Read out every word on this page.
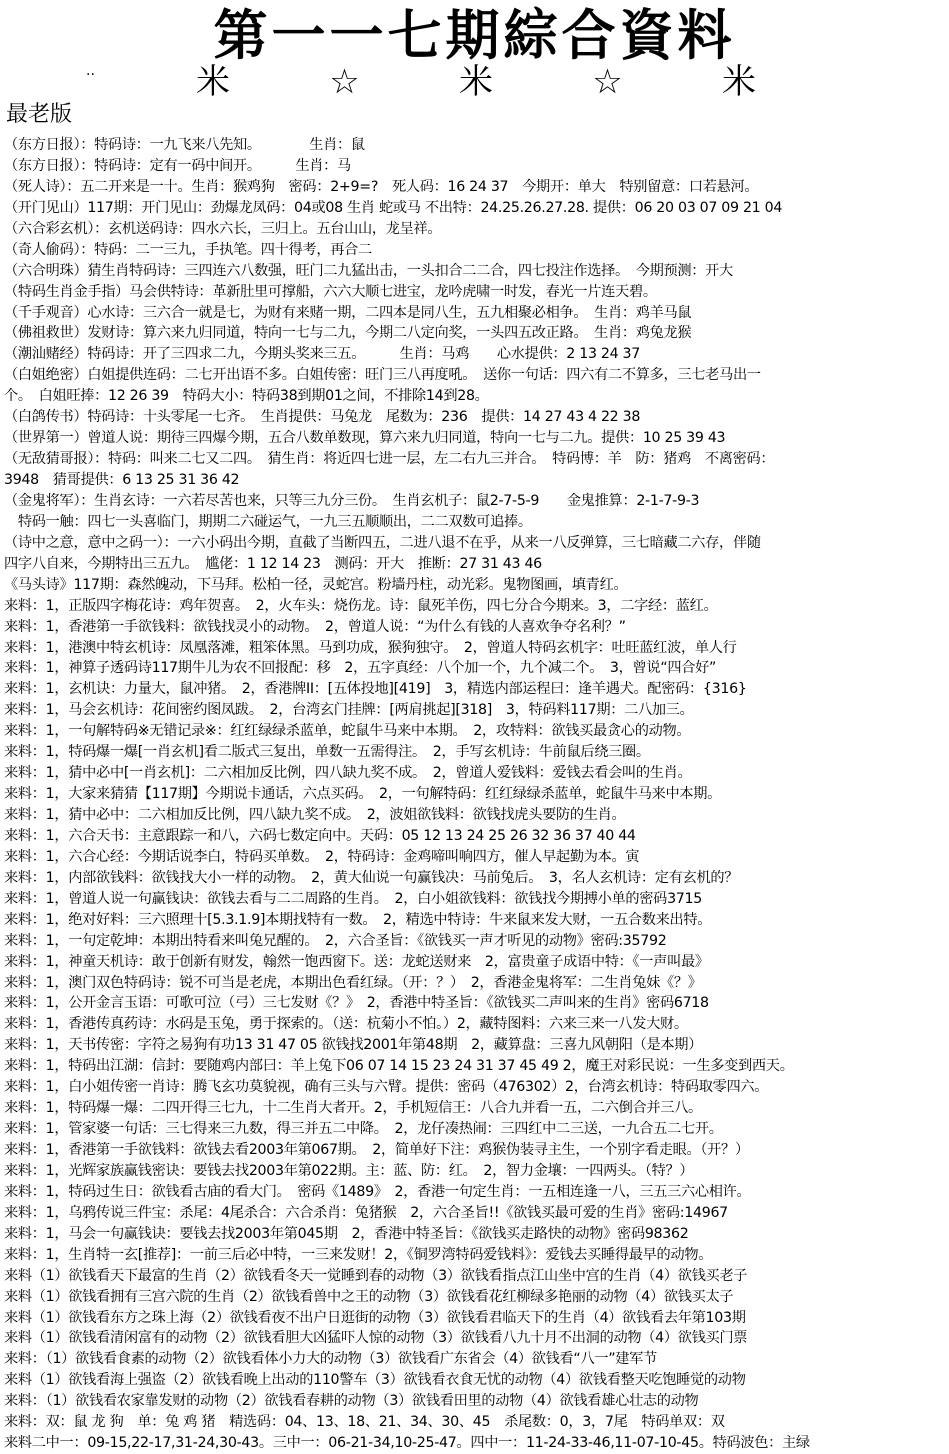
第一一七期綜合資料
..	米	☆	米	☆	米
最老版
（东方日报）：特码诗：一九飞来八先知。　　　　生肖：鼠
（东方日报）：特码诗：定有一码中间开。　　　生肖：马
（死人诗）：五二开来是一十。生肖：猴鸡狗　密码：2+9=?　死人码：16 24 37　今期开：单大　特别留意：口若悬河。
（开门见山）117期：开门见山：劲爆龙凤码：04或08 生肖 蛇或马 不出特：24.25.26.27.28. 提供：06 20 03 07 09 21 04
（六合彩玄机）：玄机送码诗：四水六长，三归上。五台山山，龙呈祥。
（奇人偷码）：特码：二一三九，手执笔。四十得考，再合二
（六合明珠）猜生肖特码诗：三四连六八数强，旺门二九猛出击，一头扣合二二合，四七投注作选择。　今期预测：开大
（特码生肖金手指）马会供特诗：革新肚里可撑船，六六大顺七进宝，龙吟虎啸一时发，春光一片连天碧。
（千手观音）心水诗：三六合一就是七，为财有来赌一期，二四本是同八生，五九相聚必相争。　生肖：鸡羊马鼠
（佛祖救世）发财诗：算六来九归同道，特向一七与二九，今期二八定向奖，一头四五改正路。　生肖：鸡兔龙猴
（潮汕赌经）特码诗：开了三四求二九，今期头奖来三五。　　　生肖：马鸡　　心水提供：2 13 24 37
（白姐绝密）白姐提供连码：二七开出语不多。白姐传密：旺门三八再度吼。　送你一句话：四六有二不算多，三七老马出一
个。　白姐旺捧：12 26 39　特码大小：特码38到期01之间，不排除14到28。
（白鸽传书）特码诗：十头零尾一七齐。　生肖提供：马兔龙　尾数为：236　提供：14 27 43 4 22 38
（世界第一）曾道人说：期待三四爆今期，五合八数单数现，算六来九归同道，特向一七与二九。提供：10 25 39 43
（无敌猜哥报）：特码：叫来二七又二四。　猜生肖：将近四七进一层，左二右九三并合。　特码博：羊　防：猪鸡　不离密码：
3948　猜哥提供：6 13 25 31 36 42
（金鬼将军）：生肖玄诗：一六若尽苦也来，只等三九分三份。　生肖玄机子：鼠2-7-5-9　　金鬼推算：2-1-7-9-3
　特码一触：四七一头喜临门，期期二六碰运气，一九三五顺顺出，二二双数可追捧。
（诗中之意，意中之码一）：一六小码出今期，直截了当断四五，二进八退不在乎，从来一八反弹算，三七暗藏二六存，伴随
四字八自来，今期特出三五九。　尴佬：1 12 14 23　测码：开大　推断：27 31 43 46
《马头诗》117期：森然魄动，下马拜。松柏一径，灵蛇宫。粉墙丹柱，动光彩。鬼物图画，填青红。
来料：1，正版四字梅花诗：鸡年贺喜。　2，火车头：烧伤龙。诗：鼠死羊伤，四七分合今期来。3，二字经：蓝红。
来料：1，香港第一手欲钱料：欲钱找灵小的动物。　2，曾道人说：“为什么有钱的人喜欢争夺名利？”
来料：1，港澳中特玄机诗：凤凰落滩，粗笨体黑。马到功成，猴狗独守。　2，曾道人特码玄机字：吐旺蓝红波，单人行
来料：1，神算子透码诗117期牛儿为农不回报配：移　2，五字真经：八个加一个，九个减二个。　3，曾说“四合好”
来料：1，玄机诀：力量大，鼠冲猪。　2，香港牌II：[五体投地][419]　3，精选内部运程曰：逢羊遇犬。配密码：{316}
来料：1，马会玄机诗：花间密约图凤跋。　2，台湾玄门挂牌：[两肩挑起][318]　3，特码料117期：二八加三。
来料：1，一句解特码※无错记录※：红红绿绿杀蓝单，蛇鼠牛马来中本期。　2，攻特料：欲钱买最贪心的动物。
来料：1，特码爆一爆[一肖玄机]看二版式三复出，单数一五需得注。　2，手写玄机诗：牛前鼠后绕三圈。
来料：1，猜中必中[一肖玄机]：二六相加反比例，四八缺九奖不成。　2，曾道人爱钱料：爱钱去看会叫的生肖。
来料：1，大家来猜猜【117期】今期说卡通话，六点买码。　2，一句解特码：红红绿绿杀蓝单，蛇鼠牛马来中本期。
来料：1，猜中必中：二六相加反比例，四八缺九奖不成。　2，波姐欲钱料：欲钱找虎头要防的生肖。
来料：1，六合天书：主意跟踪一和八，六码七数定向中。天码：05 12 13 24 25 26 32 36 37 40 44
来料：1，六合心经：今期话说李白，特码买单数。　2，特码诗：金鸡啼叫响四方，催人早起勤为本。寅
来料：1，内部欲钱料：欲钱找大小一样的动物。　2，黄大仙说一句赢钱决：马前兔后。　3，名人玄机诗：定有玄机的？
来料：1，曾道人说一句赢钱诀：欲钱去看与二二周路的生肖。　2，白小姐欲钱料：欲钱找今期搏小单的密码3715
来料：1，绝对好料：三六照理十[5.3.1.9]本期找特有一数。　2，精选中特诗：牛来鼠来发大财，一五合数来出特。
来料：1，一句定乾坤：本期出特看来叫兔兄醒的。　2，六合圣旨：《欲钱买一声才听见的动物》密码:35792
来料：1，神童天机诗：敢于创新有财发，翰然一饱西窗下。送：龙蛇送财来　2，富贵童子成语中特：《一声叫最》
来料：1，澳门双色特码诗：锐不可当是老虎，本期出色看红绿。（开：？）　2，香港金鬼将军：二生肖兔妹《？》
来料：1，公开金言玉语：可歌可泣（弓）三七发财《？》　2，香港中特圣旨：《欲钱买二声叫来的生肖》密码6718
来料：1，香港传真药诗：水码是玉兔，勇于探索的。（送：杭菊小不怕。）2，藏特图料：六来三来一八发大财。
来料：1，天书传密：字符之易狗有功13 31 47 05 欲钱找2001年第48期　2，藏算盘：三喜九风朝阳（是本期）
来料：1，特码出江湖：信封：要随鸡内部曰：羊上兔下06 07 14 15 23 24 31 37 45 49 2，魔王对彩民说：一生多变到西天。
来料：1，白小姐传密一肖诗：腾飞玄功莫貌视，确有三头与六臂。提供：密码（476302）2，台湾玄机诗：特码取零四六。
来料：1，特码爆一爆：二四开得三七九，十二生肖大者开。2，手机短信王：八合九并看一五，二六倒合并三八。
来料：1，管家婆一句话：三七得来三九数，得三并五二中降。　2，龙仔凑热闹：三四红中二三送，一九合五二七开。
来料：1，香港第一手欲钱料：欲钱去看2003年第067期。　2，简单好下注：鸡猴伪装寻主生，一个别字看走眼。（开？）
来料：1，光辉家族赢钱密诀：要钱去找2003年第022期。主：蓝、防：红。　2，智力金壤：一四两头。（特？）
来料：1，特码过生日：欲钱看古庙的看大门。　密码《1489》　2，香港一句定生肖：一五相连逢一八，三五三六心相许。
来料：1，乌鸦传说三件宝：杀尾：4尾杀合：六合杀肖：兔猪猴　2，六合圣旨!!《欲钱买最可爱的生肖》密码:14967
来料：1，马会一句赢钱诀：要钱去找2003年第045期　2，香港中特圣旨：《欲钱买走路快的动物》密码98362
来料：1，生肖特一玄[推荐]：一前三后必中特，一三来发财！2，《铜罗湾特码爱钱料》：爱钱去买睡得最早的动物。
来料（1）欲钱看天下最富的生肖（2）欲钱看冬天一觉睡到春的动物（3）欲钱看指点江山坐中宫的生肖（4）欲钱买老子
来料（1）欲钱看拥有三宫六院的生肖（2）欲钱看兽中之王的动物（3）欲钱看花红柳绿多艳丽的动物（4）欲钱买太子
来料（1）欲钱看东方之珠上海（2）欲钱看夜不出户日逛街的动物（3）欲钱看君临天下的生肖（4）欲钱看去年第103期
来料（1）欲钱看清闲富有的动物（2）欲钱看胆大凶猛吓人惊的动物（3）欲钱看八九十月不出洞的动物（4）欲钱买门票
来料：（1）欲钱看食素的动物（2）欲钱看体小力大的动物（3）欲钱看广东省会（4）欲钱看“八一”建军节
来料（1）欲钱看海上强盗（2）欲钱看晚上出动的110警车（3）欲钱看衣食无忧的动物（4）欲钱看整天吃饱睡觉的动物
来料：（1）欲钱看农家靠发财的动物（2）欲钱看春耕的动物（3）欲钱看田里的动物（4）欲钱看雄心壮志的动物
来料：双：鼠 龙 狗　单：兔 鸡 猪　精选码：04、13、18、21、34、30、45　杀尾数：0，3，7尾　特码单双：双
来料二中一：09-15,22-17,31-24,30-43。三中一：06-21-34,10-25-47。四中一：11-24-33-46,11-07-10-45。特码波色：主绿
